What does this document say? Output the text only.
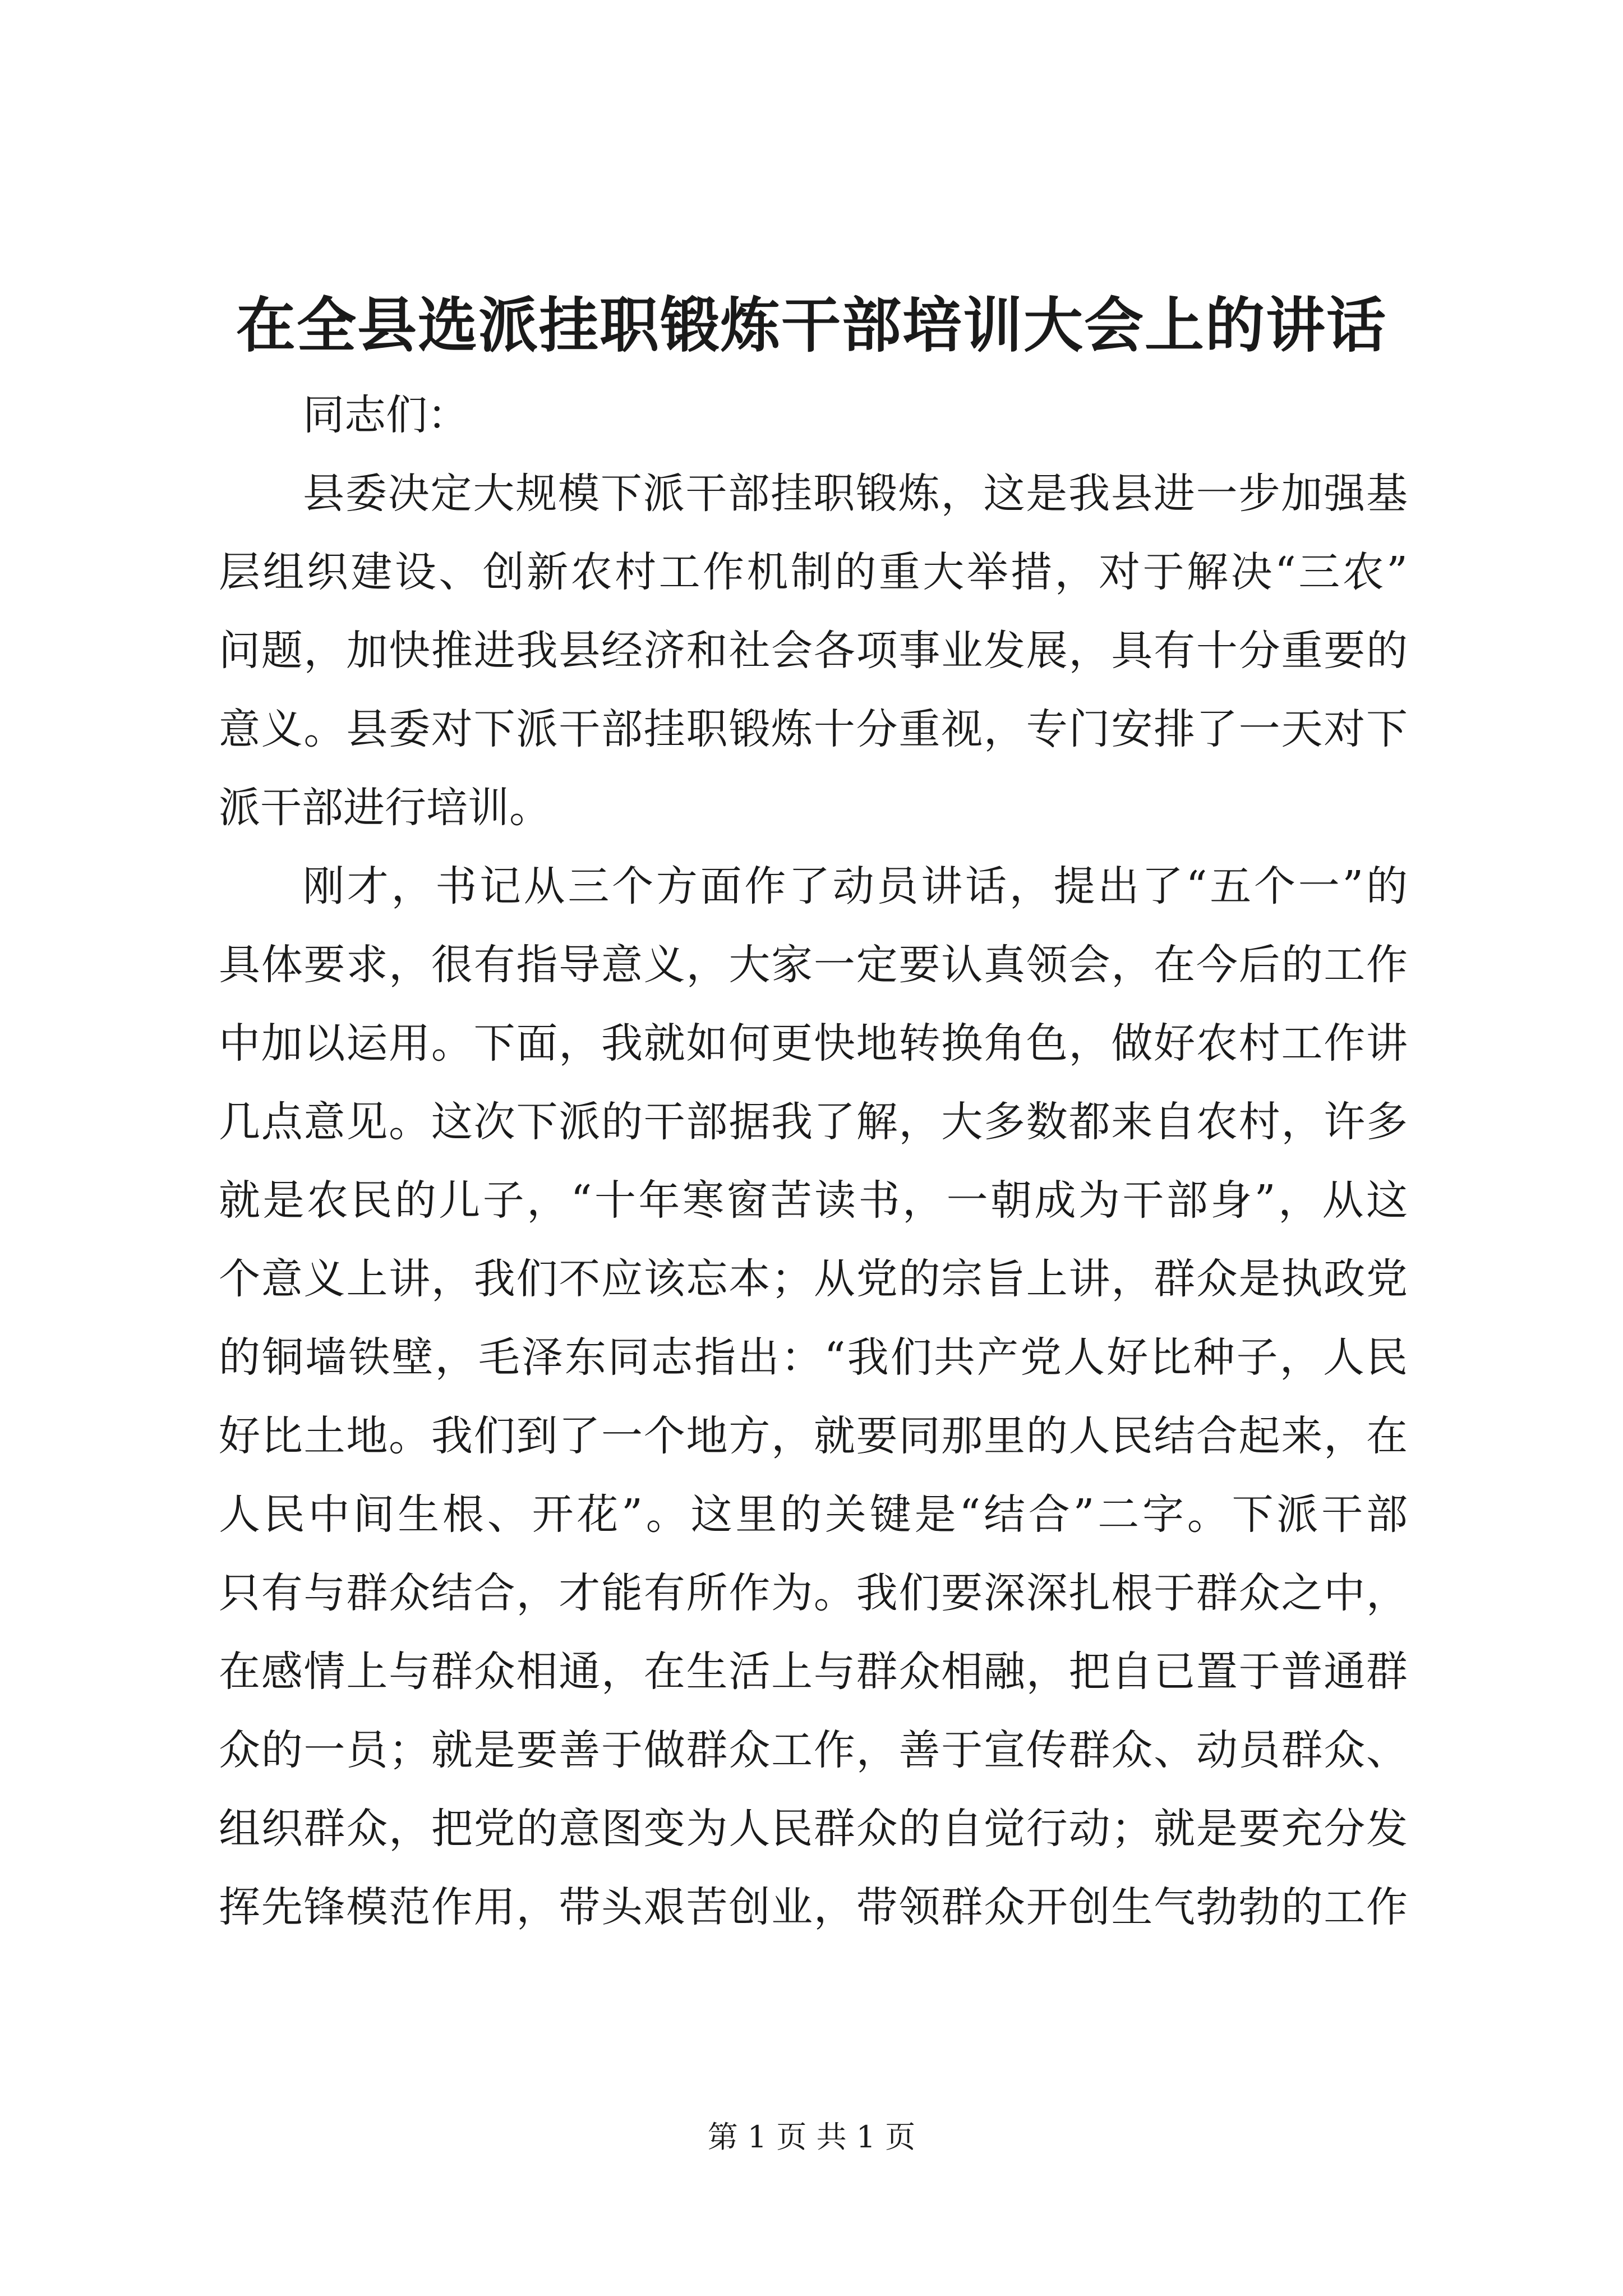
在全县选派挂职锻炼干部培训大会上的讲话

同志们：

县委决定大规模下派干部挂职锻炼，这是我县进一步加强基

层组织建设、创新农村工作机制的重大举措，对于解决“三农”

问题，加快推进我县经济和社会各项事业发展，具有十分重要的

意义。县委对下派干部挂职锻炼十分重视，专门安排了一天对下

派干部进行培训。

刚才，书记从三个方面作了动员讲话，提出了“五个一”的

具体要求，很有指导意义，大家一定要认真领会，在今后的工作

中加以运用。下面，我就如何更快地转换角色，做好农村工作讲

几点意见。这次下派的干部据我了解，大多数都来自农村，许多

就是农民的儿子，“十年寒窗苦读书，一朝成为干部身”，从这

个意义上讲，我们不应该忘本；从党的宗旨上讲，群众是执政党

的铜墙铁壁，毛泽东同志指出：“我们共产党人好比种子，人民

好比土地。我们到了一个地方，就要同那里的人民结合起来，在

人民中间生根、开花”。这里的关键是“结合”二字。下派干部

只有与群众结合，才能有所作为。我们要深深扎根于群众之中，

在感情上与群众相通，在生活上与群众相融，把自已置于普通群

众的一员；就是要善于做群众工作，善于宣传群众、动员群众、

组织群众，把党的意图变为人民群众的自觉行动；就是要充分发

挥先锋模范作用，带头艰苦创业，带领群众开创生气勃勃的工作

第 1 页 共 1 页
